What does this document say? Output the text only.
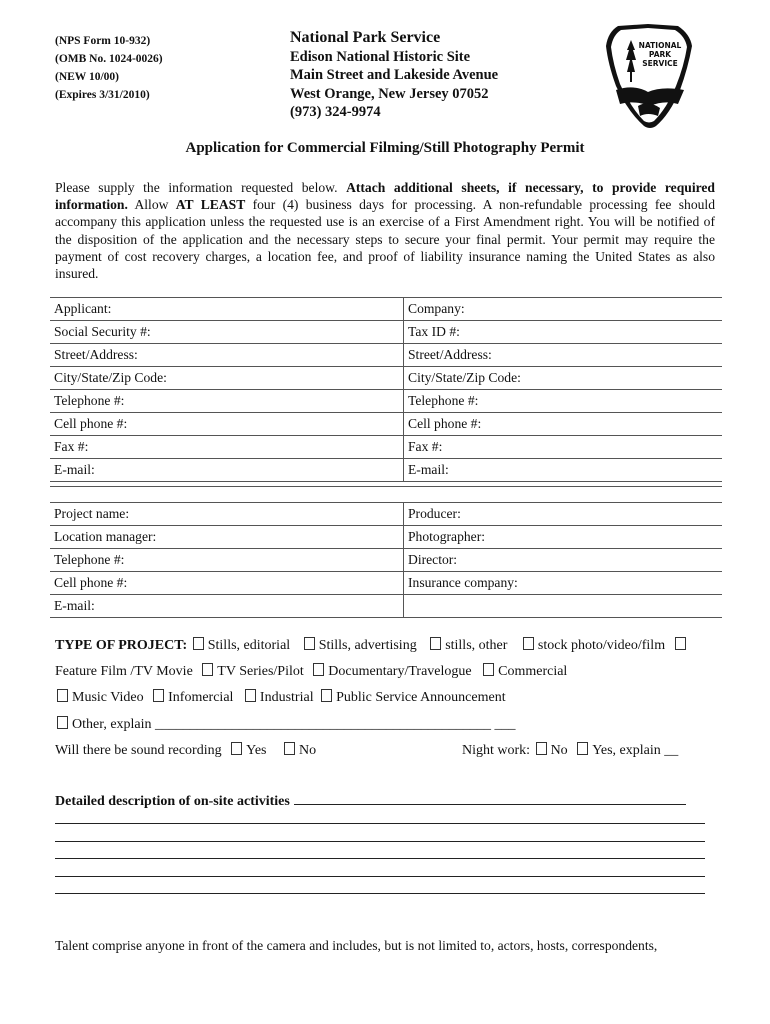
(NPS Form 10-932)
(OMB No. 1024-0026)
(NEW 10/00)
(Expires 3/31/2010)
National Park Service
Edison National Historic Site
Main Street and Lakeside Avenue
West Orange, New Jersey 07052
(973) 324-9974
NATIONAL
PARK
SERVICE
Application for Commercial Filming/Still Photography Permit
Please supply the information requested below. Attach additional sheets, if necessary, to provide required information. Allow AT LEAST four (4) business days for processing. A non-refundable processing fee should accompany this application unless the requested use is an exercise of a First Amendment right. You will be notified of the disposition of the application and the necessary steps to secure your final permit. Your permit may require the payment of cost recovery charges, a location fee, and proof of liability insurance naming the United States as also insured.
Applicant:	Company:
Social Security #:	Tax ID #:
Street/Address:	Street/Address:
City/State/Zip Code:	City/State/Zip Code:
Telephone #:	Telephone #:
Cell phone #:	Cell phone #:
Fax #:	Fax #:
E-mail:	E-mail:
Project name:	Producer:
Location manager:	Photographer:
Telephone #:	Director:
Cell phone #:	Insurance company:
E-mail:	
TYPE OF PROJECT: Stills, editorial Stills, advertising stills, other stock photo/video/film
Feature Film /TV Movie TV Series/Pilot Documentary/Travelogue Commercial
Music Video Infomercial Industrial Public Service Announcement
Other, explain ________________________________________________ ___
Will there be sound recording Yes No	Night work: No Yes, explain __
Detailed description of on-site activities
Talent comprise anyone in front of the camera and includes, but is not limited to, actors, hosts, correspondents,
